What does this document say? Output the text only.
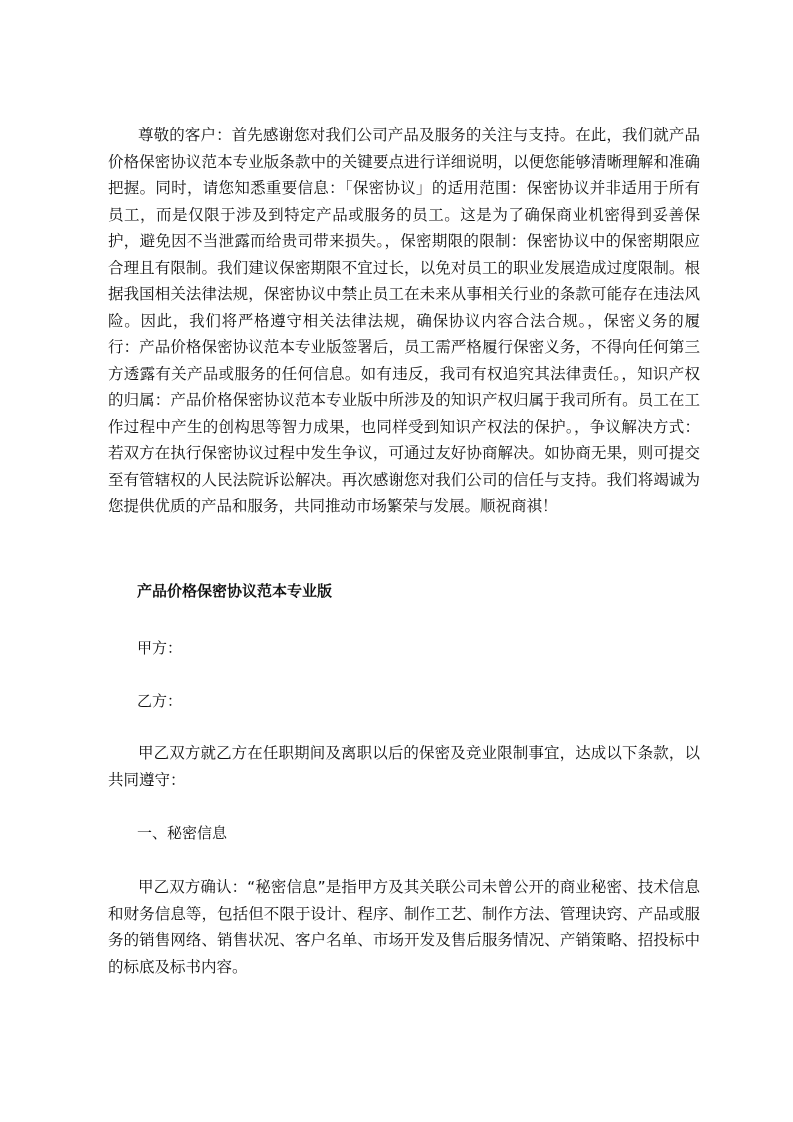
尊敬的客户：首先感谢您对我们公司产品及服务的关注与支持。在此，我们就产品价格保密协议范本专业版条款中的关键要点进行详细说明，以便您能够清晰理解和准确把握。同时，请您知悉重要信息：「保密协议」的适用范围：保密协议并非适用于所有员工，而是仅限于涉及到特定产品或服务的员工。这是为了确保商业机密得到妥善保护，避免因不当泄露而给贵司带来损失。，保密期限的限制：保密协议中的保密期限应合理且有限制。我们建议保密期限不宜过长，以免对员工的职业发展造成过度限制。根据我国相关法律法规，保密协议中禁止员工在未来从事相关行业的条款可能存在违法风险。因此，我们将严格遵守相关法律法规，确保协议内容合法合规。，保密义务的履行：产品价格保密协议范本专业版签署后，员工需严格履行保密义务，不得向任何第三方透露有关产品或服务的任何信息。如有违反，我司有权追究其法律责任。，知识产权的归属：产品价格保密协议范本专业版中所涉及的知识产权归属于我司所有。员工在工作过程中产生的创构思等智力成果，也同样受到知识产权法的保护。，争议解决方式：若双方在执行保密协议过程中发生争议，可通过友好协商解决。如协商无果，则可提交至有管辖权的人民法院诉讼解决。再次感谢您对我们公司的信任与支持。我们将竭诚为您提供优质的产品和服务，共同推动市场繁荣与发展。顺祝商祺！

产品价格保密协议范本专业版

甲方：

乙方：

甲乙双方就乙方在任职期间及离职以后的保密及竞业限制事宜，达成以下条款，以共同遵守：

一、秘密信息

甲乙双方确认：“秘密信息”是指甲方及其关联公司未曾公开的商业秘密、技术信息和财务信息等，包括但不限于设计、程序、制作工艺、制作方法、管理诀窍、产品或服务的销售网络、销售状况、客户名单、市场开发及售后服务情况、产销策略、招投标中的标底及标书内容。
